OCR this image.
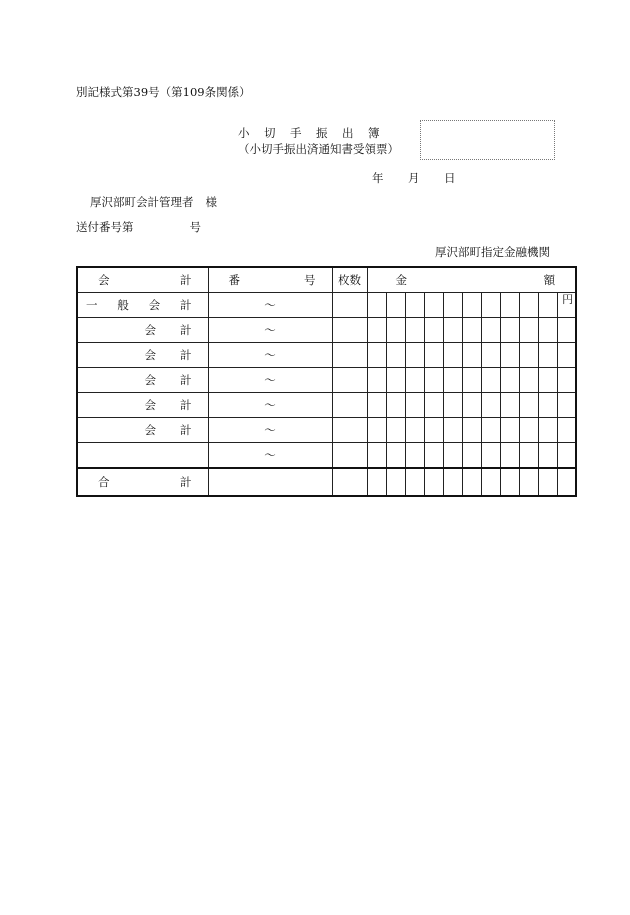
別記様式第39号（第109条関係）
小 切 手 振 出 簿
（小切手振出済通知書受領票）
年 月 日
厚沢部町会計管理者 様
送付番号第	号
厚沢部町指定金融機関
会 計	番 号	枚数	金 額										

一 般 会 計	〜												円

会 計	〜												

会 計	〜												

会 計	〜												

会 計	〜												

会 計	〜												
	〜												

合 計													
